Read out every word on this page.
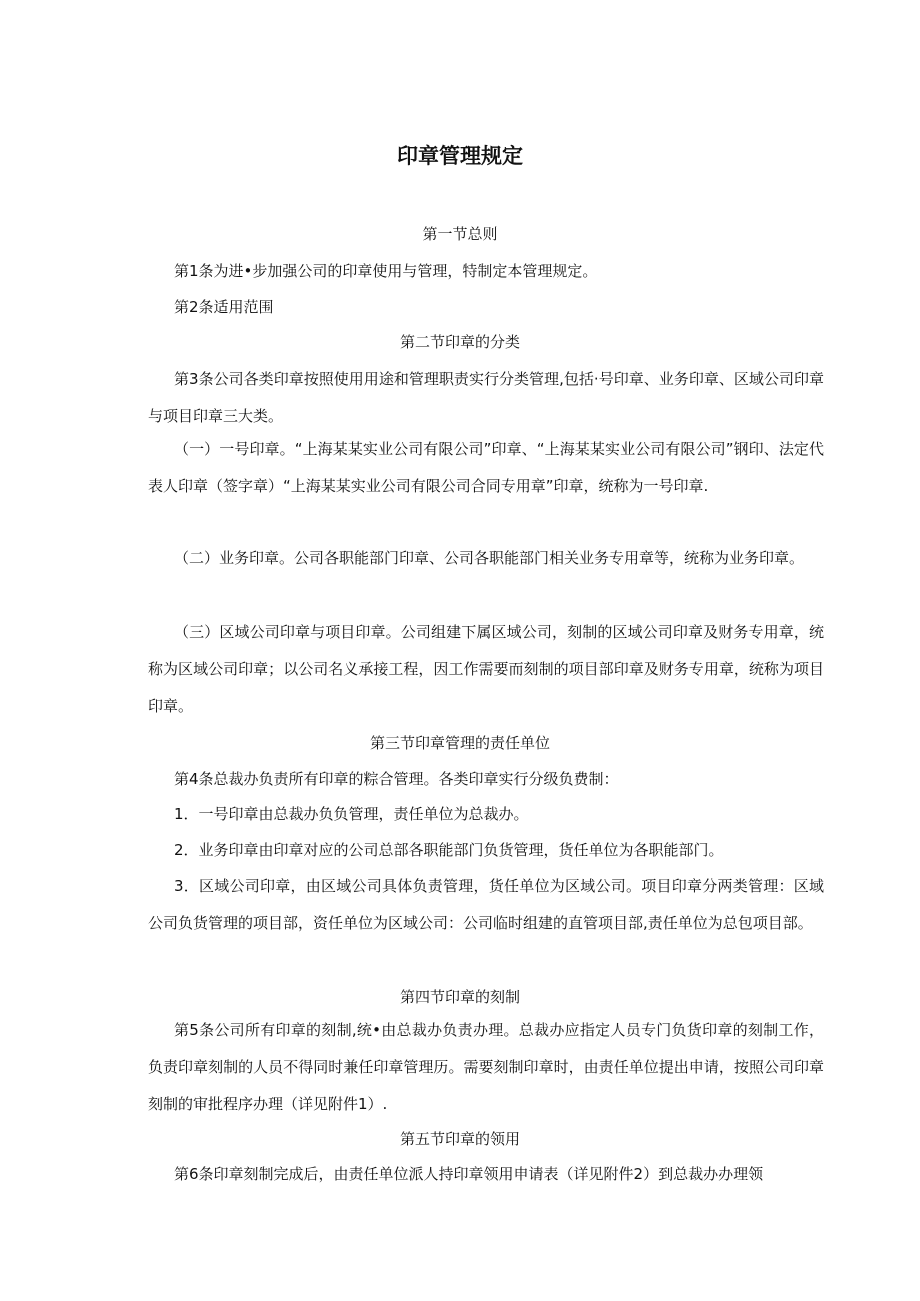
印章管理规定

第一节总则

第1条为进•步加强公司的印章使用与管理，特制定本管理规定。

第2条适用范围

第二节印章的分类

第3条公司各类印章按照使用用途和管理职责实行分类管理,包括·号印章、业务印章、区域公司印章与项目印章三大类。

（一）一号印章。“上海某某实业公司有限公司”印章、“上海某某实业公司有限公司”钢印、法定代表人印章（签字章）“上海某某实业公司有限公司合同专用章”印章，统称为一号印章.

（二）业务印章。公司各职能部门印章、公司各职能部门相关业务专用章等，统称为业务印章。

（三）区域公司印章与项目印章。公司组建下属区域公司，刻制的区域公司印章及财务专用章，统称为区域公司印章；以公司名义承接工程，因工作需要而刻制的项目部印章及财务专用章，统称为项目印章。

第三节印章管理的责任单位

第4条总裁办负责所有印章的粽合管理。各类印章实行分级负费制：

1．一号印章由总裁办负负管理，责任单位为总裁办。

2．业务印章由印章对应的公司总部各职能部门负货管理，货任单位为各职能部门。

3．区域公司印章，由区域公司具体负责管理，货任单位为区域公司。项目印章分两类管理：区域公司负货管理的项目部，资任单位为区域公司：公司临时组建的直管项目部,责任单位为总包项目部。

第四节印章的刻制

第5条公司所有印章的刻制,统•由总裁办负责办理。总裁办应指定人员专门负货印章的刻制工作，负责印章刻制的人员不得同时兼任印章管理历。需要刻制印章时，由责任单位提出申请，按照公司印章刻制的审批程序办理（详见附件1）.

第五节印章的领用

第6条印章刻制完成后，由责任单位派人持印章领用申请表（详见附件2）到总裁办办理领
